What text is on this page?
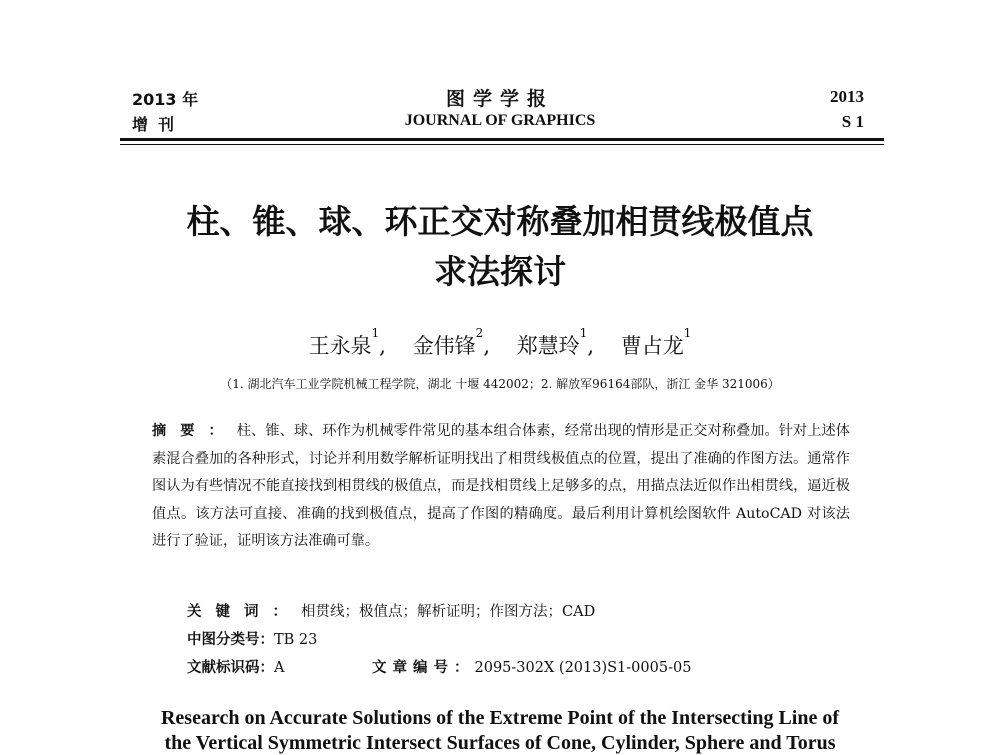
2013 年
增刊
图学学报
JOURNAL OF GRAPHICS
2013
S 1
柱、锥、球、环正交对称叠加相贯线极值点
求法探讨
王永泉$^1$, 金伟锋$^2$, 郑慧玲$^1$, 曹占龙$^1$
（1. 湖北汽车工业学院机械工程学院，湖北 十堰 442002；2. 解放军96164部队，浙江 金华 321006）
摘要：柱、锥、球、环作为机械零件常见的基本组合体素，经常出现的情形是正交对称叠加。针对上述体素混合叠加的各种形式，讨论并利用数学解析证明找出了相贯线极值点的位置，提出了准确的作图方法。通常作图认为有些情况不能直接找到相贯线的极值点，而是找相贯线上足够多的点，用描点法近似作出相贯线，逼近极值点。该方法可直接、准确的找到极值点，提高了作图的精确度。最后利用计算机绘图软件 AutoCAD 对该法进行了验证，证明该方法准确可靠。
关键词：相贯线；极值点；解析证明；作图方法；CAD
中图分类号：TB 23
文献标识码：A	文章编号：2095-302X (2013)S1-0005-05
Research on Accurate Solutions of the Extreme Point of the Intersecting Line of
the Vertical Symmetric Intersect Surfaces of Cone, Cylinder, Sphere and Torus
